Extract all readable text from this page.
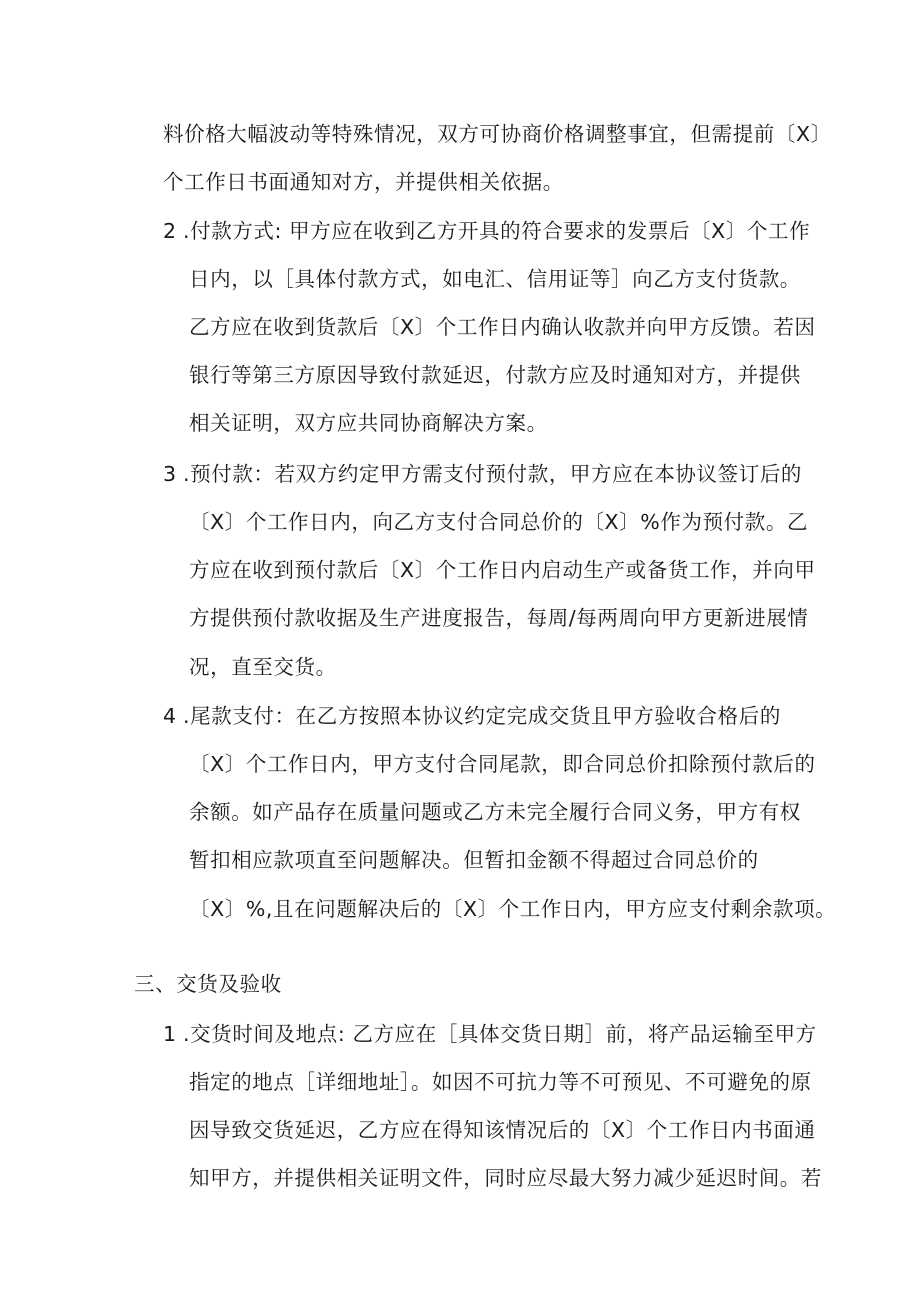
料价格大幅波动等特殊情况，双方可协商价格调整事宜，但需提前〔X〕
个工作日书面通知对方，并提供相关依据。
2 .付款方式: 甲方应在收到乙方开具的符合要求的发票后〔X〕个工作
日内，以［具体付款方式，如电汇、信用证等］向乙方支付货款。
乙方应在收到货款后〔X〕个工作日内确认收款并向甲方反馈。若因
银行等第三方原因导致付款延迟，付款方应及时通知对方，并提供
相关证明，双方应共同协商解决方案。
3 .预付款：若双方约定甲方需支付预付款，甲方应在本协议签订后的
〔X〕个工作日内，向乙方支付合同总价的〔X〕%作为预付款。乙
方应在收到预付款后〔X〕个工作日内启动生产或备货工作，并向甲
方提供预付款收据及生产进度报告，每周/每两周向甲方更新进展情
况，直至交货。
4 .尾款支付：在乙方按照本协议约定完成交货且甲方验收合格后的
〔X〕个工作日内，甲方支付合同尾款，即合同总价扣除预付款后的
余额。如产品存在质量问题或乙方未完全履行合同义务，甲方有权
暂扣相应款项直至问题解决。但暂扣金额不得超过合同总价的
〔X〕%,且在问题解决后的〔X〕个工作日内，甲方应支付剩余款项。
三、交货及验收
1 .交货时间及地点: 乙方应在［具体交货日期］前，将产品运输至甲方
指定的地点［详细地址］。如因不可抗力等不可预见、不可避免的原
因导致交货延迟，乙方应在得知该情况后的〔X〕个工作日内书面通
知甲方，并提供相关证明文件，同时应尽最大努力减少延迟时间。若
